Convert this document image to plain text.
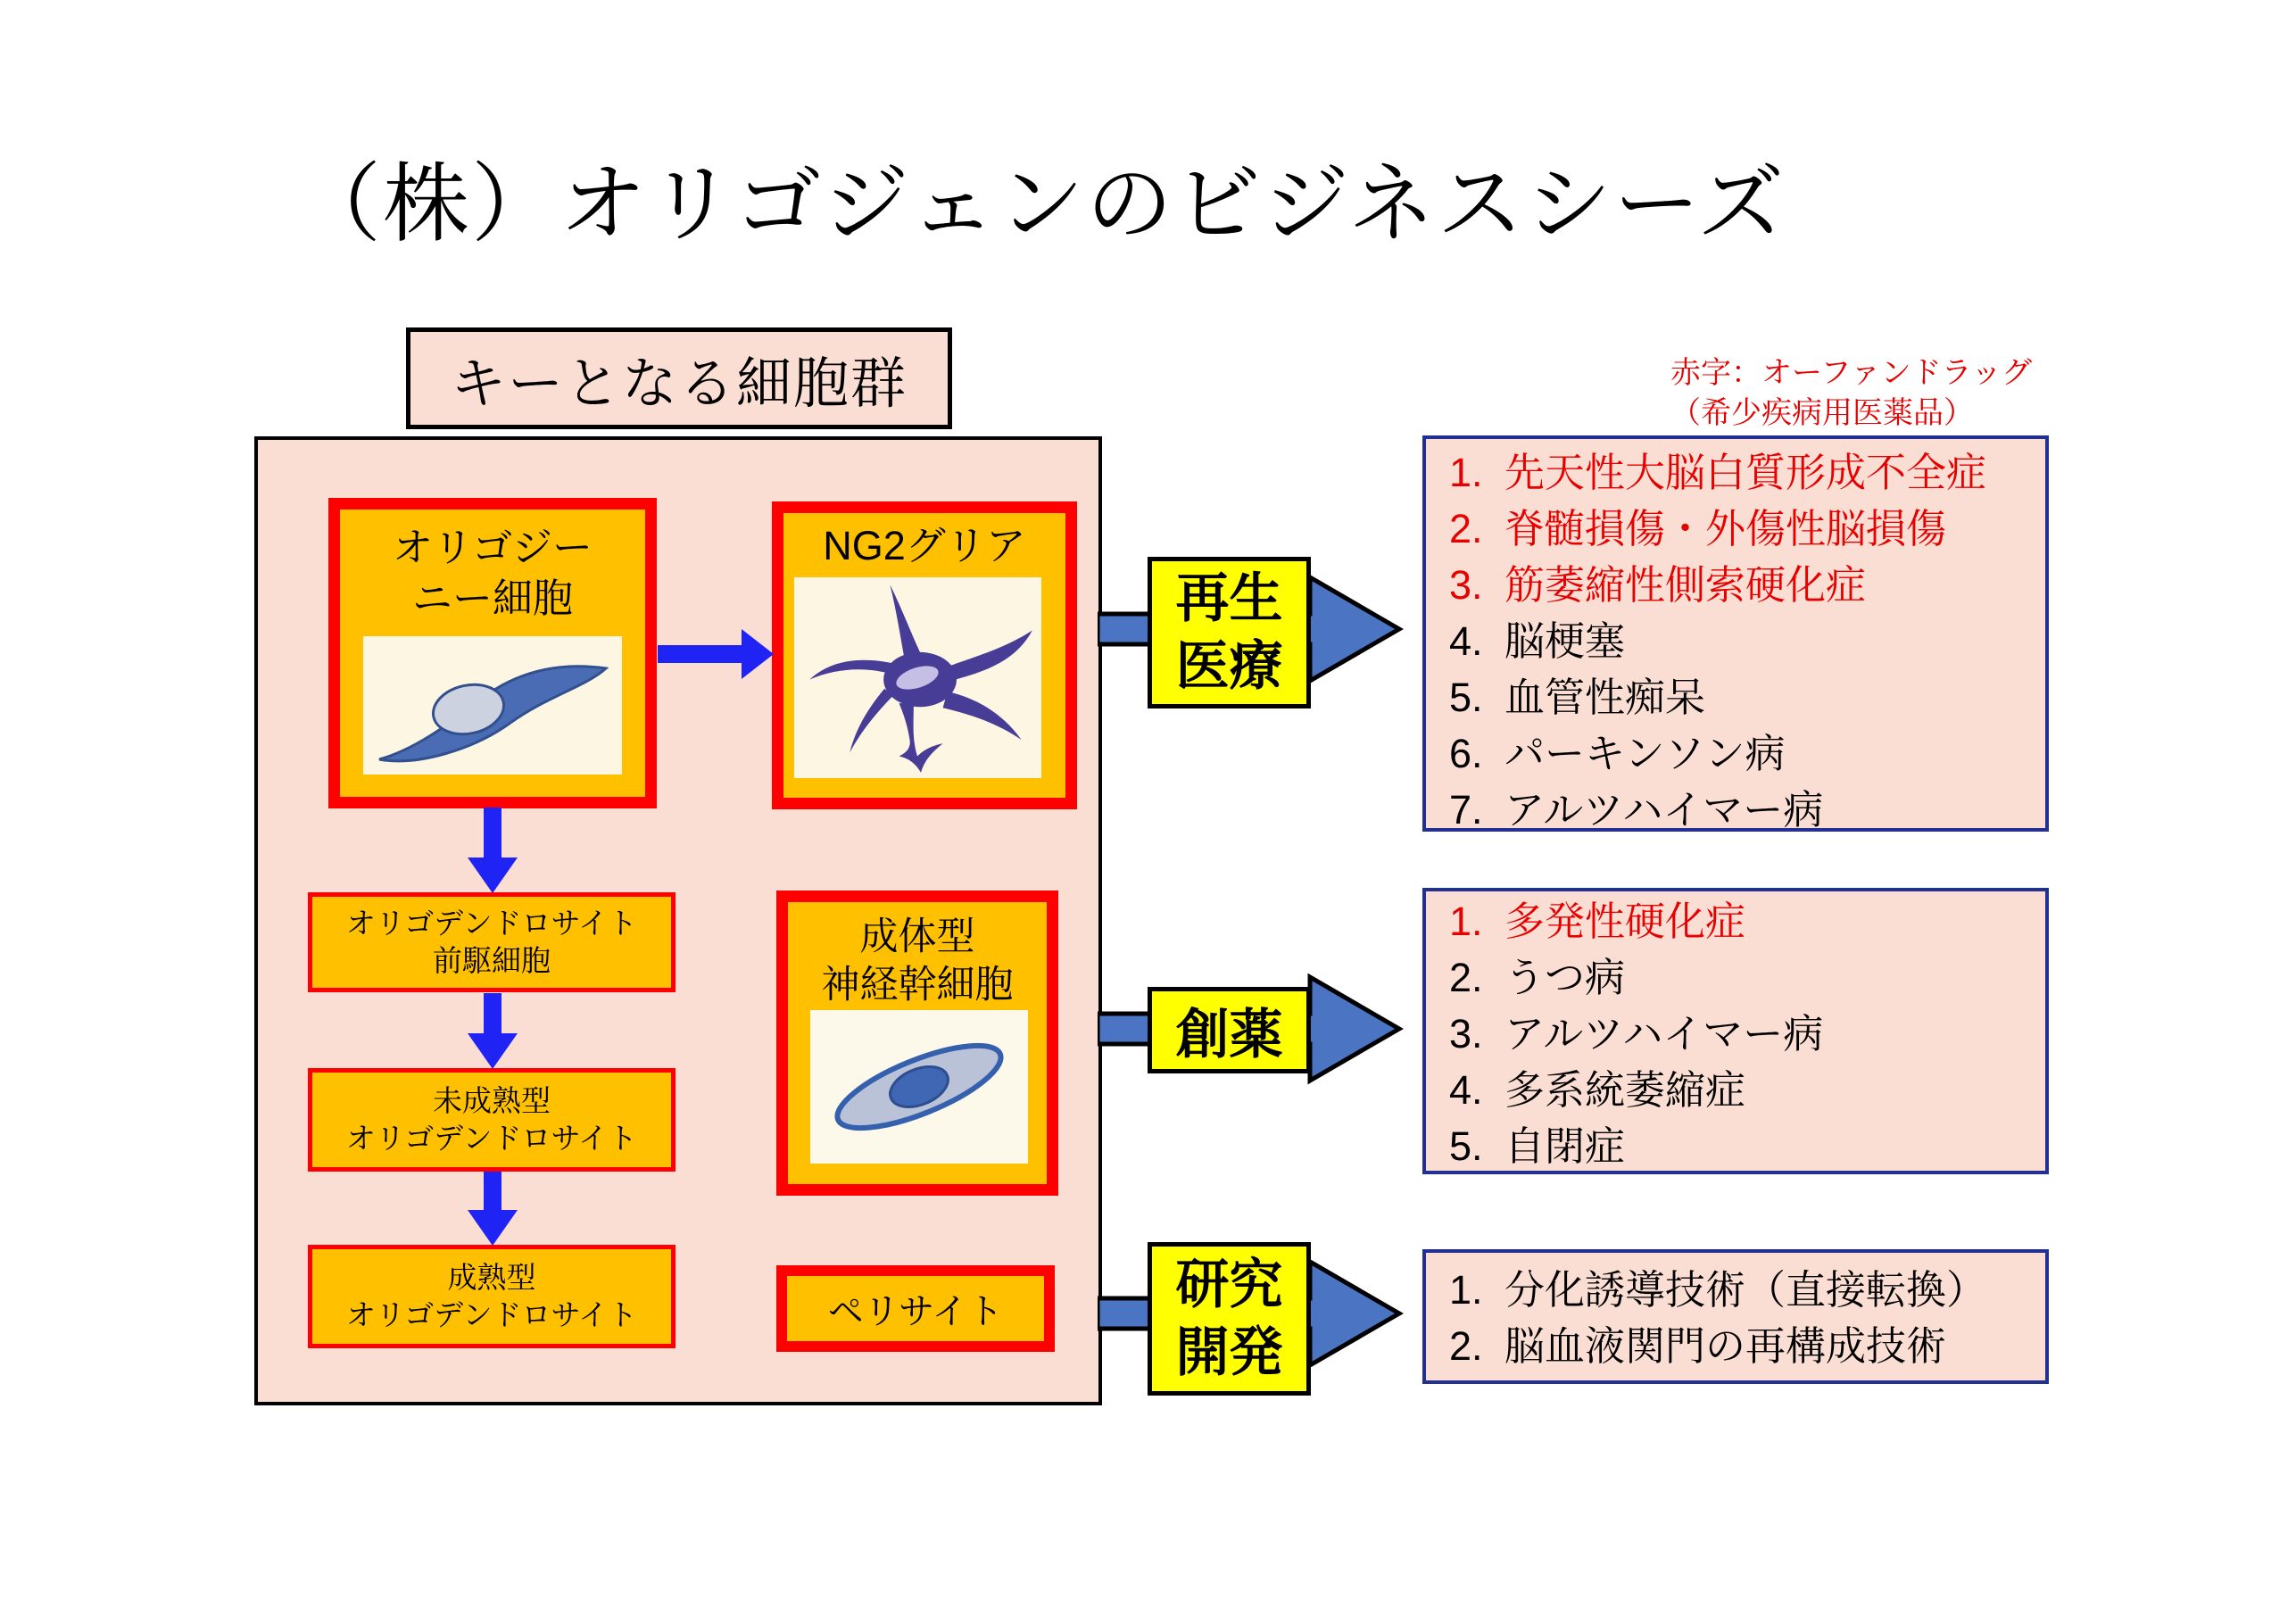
（株）オリゴジェンのビジネスシーズ
キーとなる細胞群	赤字：オーファンドラッグ
（希少疾病用医薬品）
オリゴジー
ニー細胞
NG2グリア
オリゴデンドロサイト
前駆細胞
未成熟型
オリゴデンドロサイト
成熟型
オリゴデンドロサイト
成体型
神経幹細胞
ペリサイト
再生
医療
創薬
研究
開発
1. 先天性大脳白質形成不全症
2. 脊髄損傷・外傷性脳損傷
3. 筋萎縮性側索硬化症
4. 脳梗塞
5. 血管性痴呆
6. パーキンソン病
7. アルツハイマー病
1. 多発性硬化症
2. うつ病
3. アルツハイマー病
4. 多系統萎縮症
5. 自閉症
1. 分化誘導技術（直接転換）
2. 脳血液関門の再構成技術
